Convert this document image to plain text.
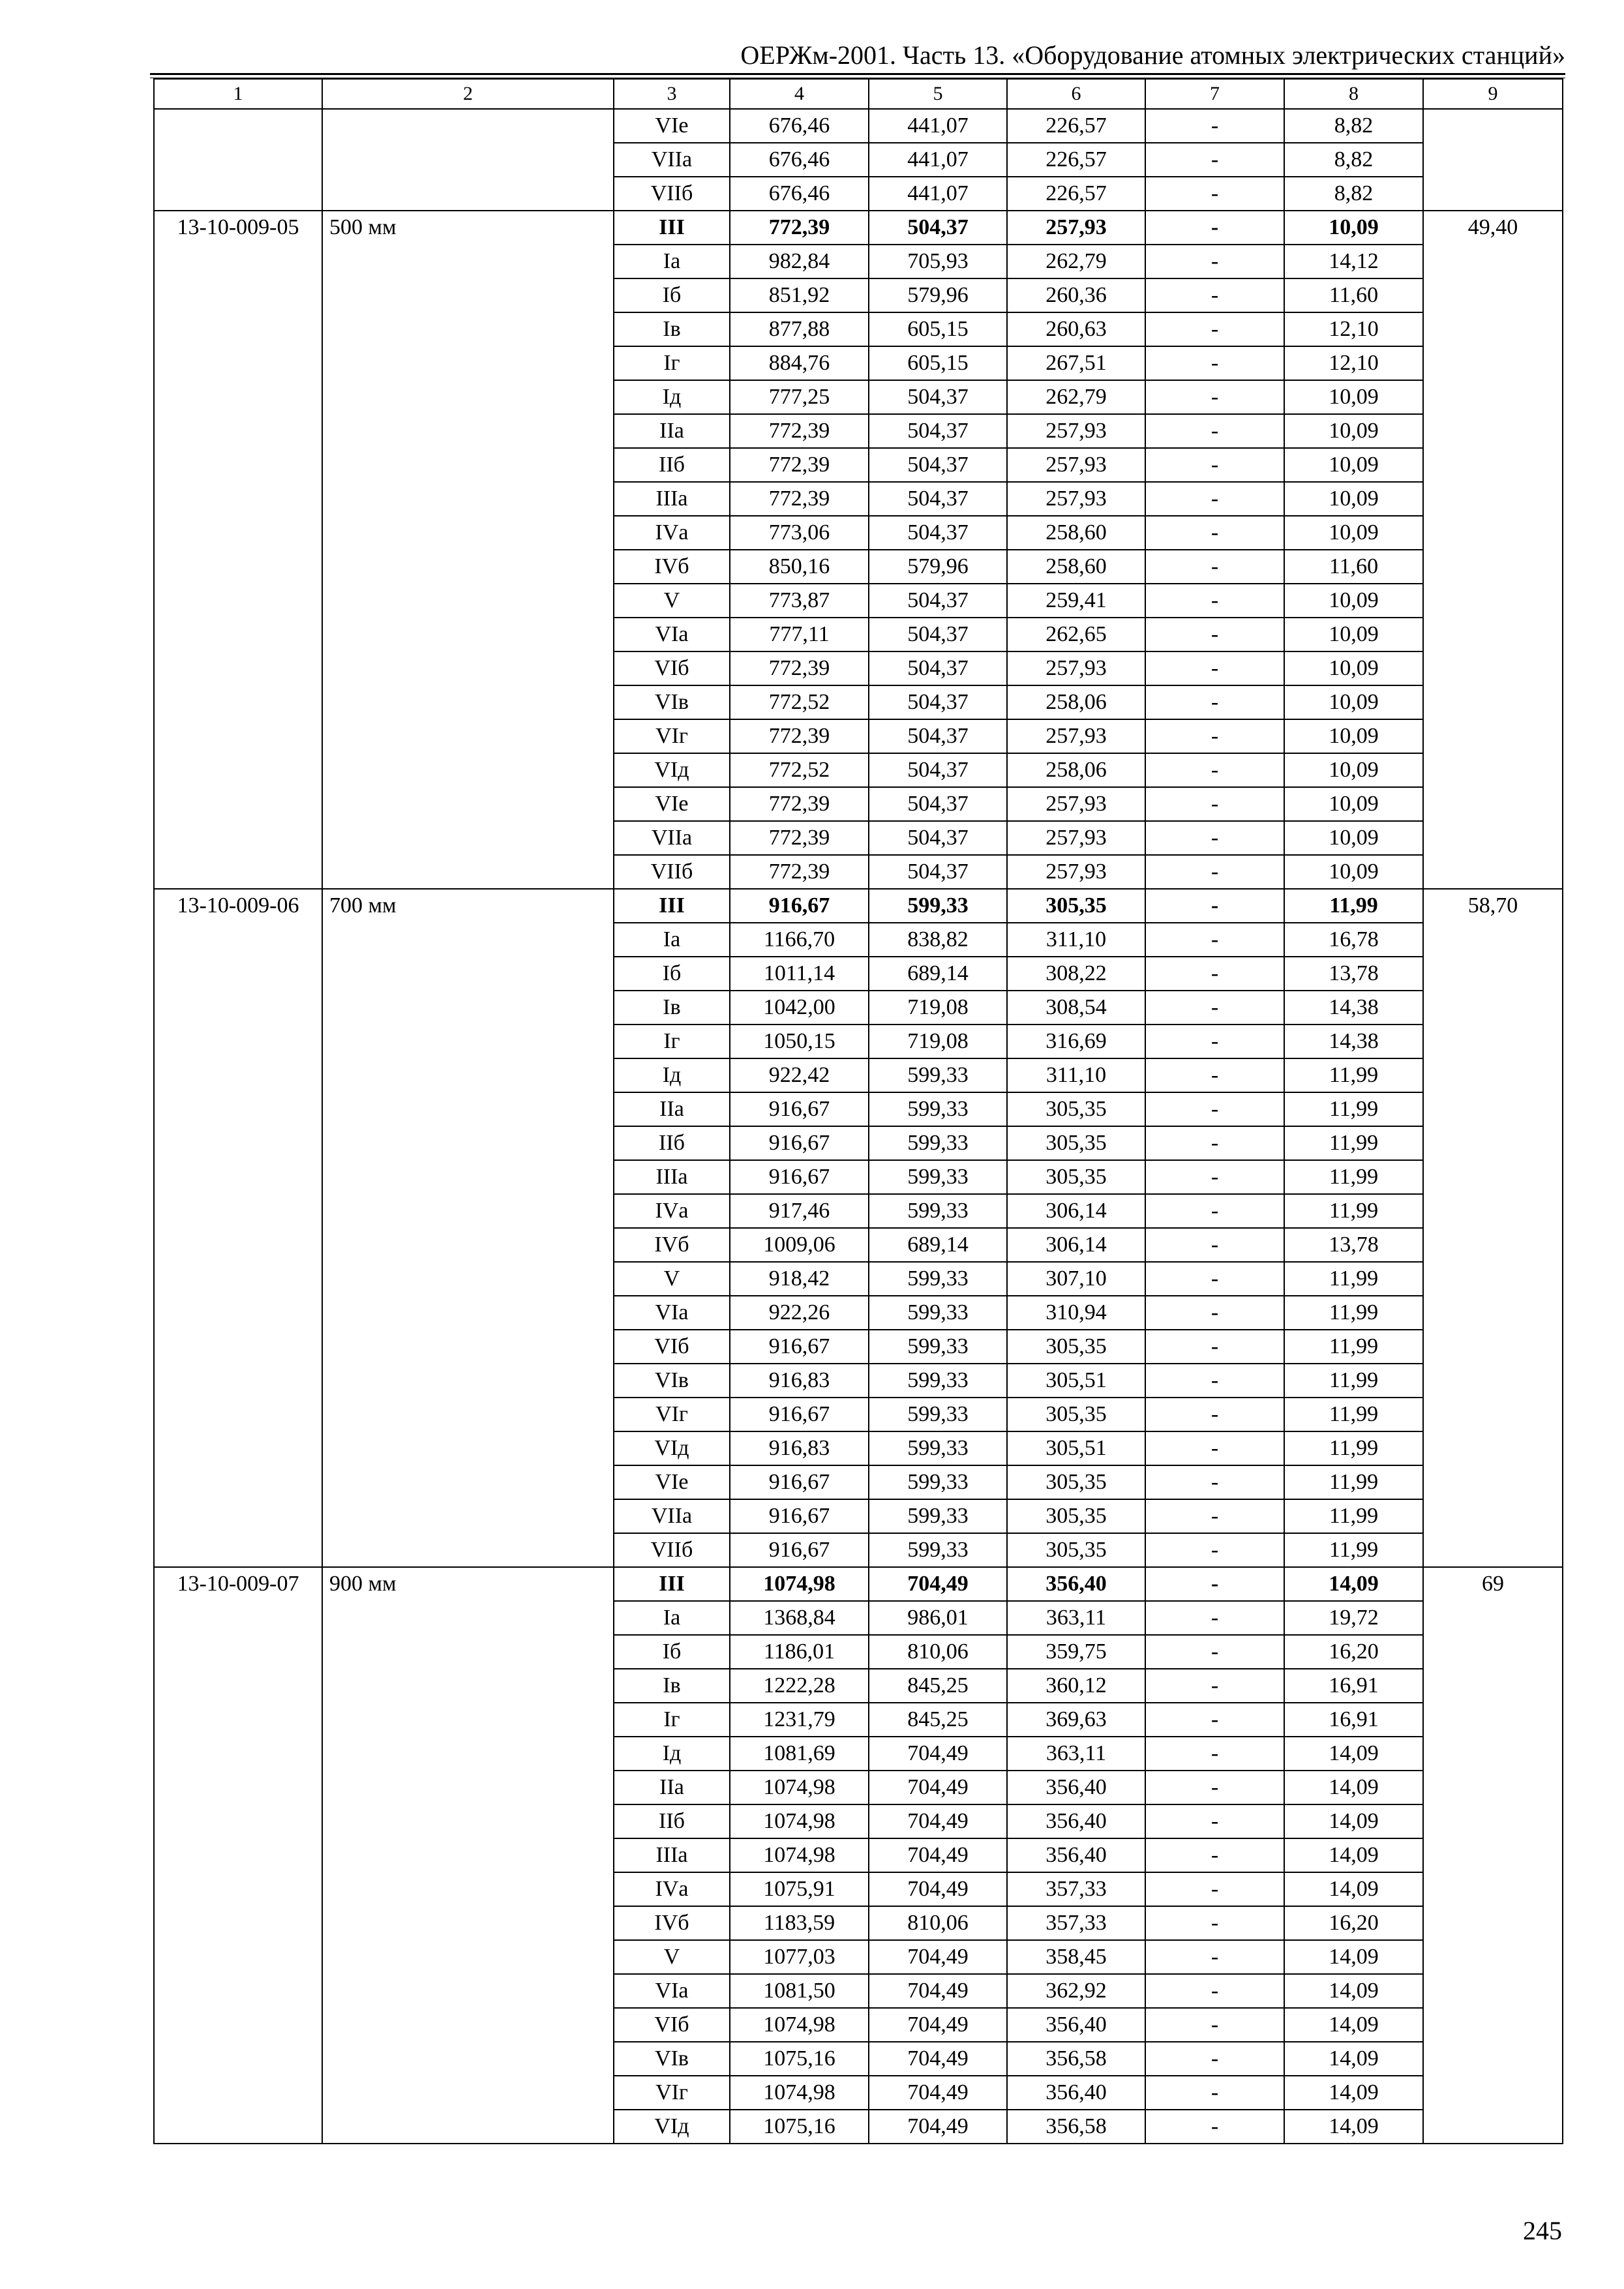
ОЕРЖм-2001. Часть 13. «Оборудование атомных электрических станций»
1	2	3	4	5	6	7	8	9
		VIе	676,46	441,07	226,57	-	8,82	
		VIIа	676,46	441,07	226,57	-	8,82	
		VIIб	676,46	441,07	226,57	-	8,82	
13-10-009-05	500 мм	III	772,39	504,37	257,93	-	10,09	49,40
		Iа	982,84	705,93	262,79	-	14,12	
		Iб	851,92	579,96	260,36	-	11,60	
		Iв	877,88	605,15	260,63	-	12,10	
		Iг	884,76	605,15	267,51	-	12,10	
		Iд	777,25	504,37	262,79	-	10,09	
		IIа	772,39	504,37	257,93	-	10,09	
		IIб	772,39	504,37	257,93	-	10,09	
		IIIа	772,39	504,37	257,93	-	10,09	
		IVа	773,06	504,37	258,60	-	10,09	
		IVб	850,16	579,96	258,60	-	11,60	
		V	773,87	504,37	259,41	-	10,09	
		VIа	777,11	504,37	262,65	-	10,09	
		VIб	772,39	504,37	257,93	-	10,09	
		VIв	772,52	504,37	258,06	-	10,09	
		VIг	772,39	504,37	257,93	-	10,09	
		VIд	772,52	504,37	258,06	-	10,09	
		VIе	772,39	504,37	257,93	-	10,09	
		VIIа	772,39	504,37	257,93	-	10,09	
		VIIб	772,39	504,37	257,93	-	10,09	
13-10-009-06	700 мм	III	916,67	599,33	305,35	-	11,99	58,70
		Iа	1166,70	838,82	311,10	-	16,78	
		Iб	1011,14	689,14	308,22	-	13,78	
		Iв	1042,00	719,08	308,54	-	14,38	
		Iг	1050,15	719,08	316,69	-	14,38	
		Iд	922,42	599,33	311,10	-	11,99	
		IIа	916,67	599,33	305,35	-	11,99	
		IIб	916,67	599,33	305,35	-	11,99	
		IIIа	916,67	599,33	305,35	-	11,99	
		IVа	917,46	599,33	306,14	-	11,99	
		IVб	1009,06	689,14	306,14	-	13,78	
		V	918,42	599,33	307,10	-	11,99	
		VIа	922,26	599,33	310,94	-	11,99	
		VIб	916,67	599,33	305,35	-	11,99	
		VIв	916,83	599,33	305,51	-	11,99	
		VIг	916,67	599,33	305,35	-	11,99	
		VIд	916,83	599,33	305,51	-	11,99	
		VIе	916,67	599,33	305,35	-	11,99	
		VIIа	916,67	599,33	305,35	-	11,99	
		VIIб	916,67	599,33	305,35	-	11,99	
13-10-009-07	900 мм	III	1074,98	704,49	356,40	-	14,09	69
		Iа	1368,84	986,01	363,11	-	19,72	
		Iб	1186,01	810,06	359,75	-	16,20	
		Iв	1222,28	845,25	360,12	-	16,91	
		Iг	1231,79	845,25	369,63	-	16,91	
		Iд	1081,69	704,49	363,11	-	14,09	
		IIа	1074,98	704,49	356,40	-	14,09	
		IIб	1074,98	704,49	356,40	-	14,09	
		IIIа	1074,98	704,49	356,40	-	14,09	
		IVа	1075,91	704,49	357,33	-	14,09	
		IVб	1183,59	810,06	357,33	-	16,20	
		V	1077,03	704,49	358,45	-	14,09	
		VIа	1081,50	704,49	362,92	-	14,09	
		VIб	1074,98	704,49	356,40	-	14,09	
		VIв	1075,16	704,49	356,58	-	14,09	
		VIг	1074,98	704,49	356,40	-	14,09	
		VIд	1075,16	704,49	356,58	-	14,09	
245
